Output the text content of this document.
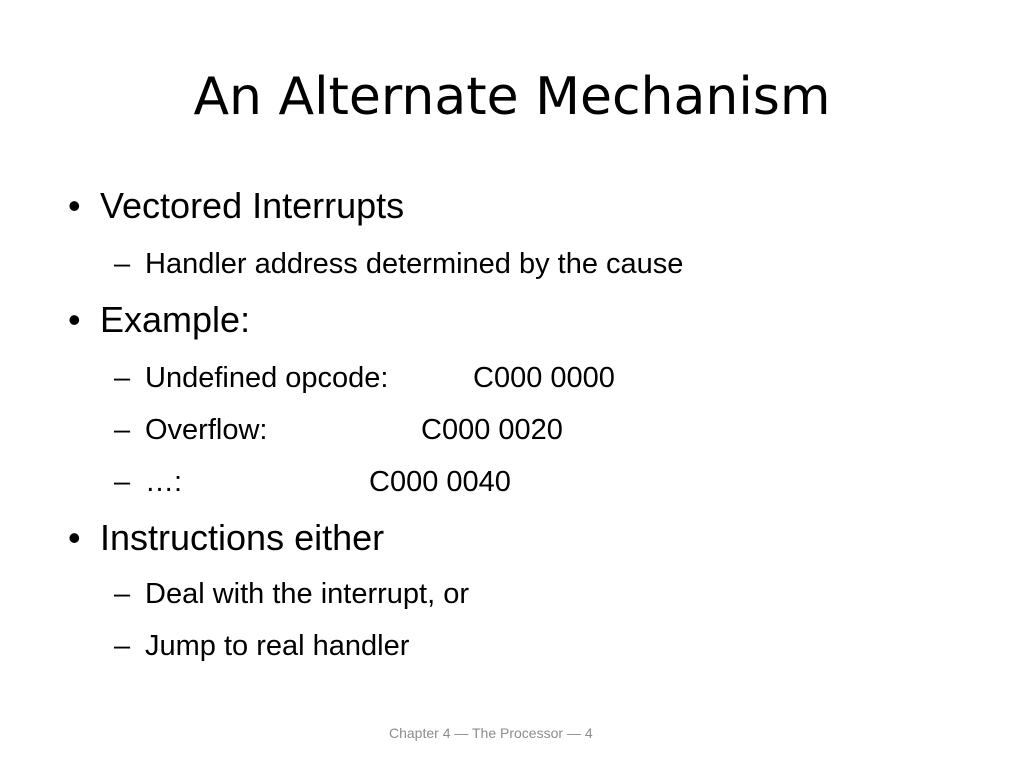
An Alternate Mechanism
• Vectored Interrupts
– Handler address determined by the cause
• Example:
– Undefined opcode:	C000 0000
– Overflow:	C000 0020
– …:	C000 0040
• Instructions either
– Deal with the interrupt, or
– Jump to real handler
Chapter 4 — The Processor — 4
